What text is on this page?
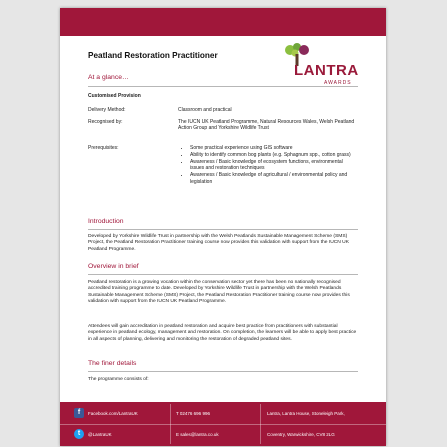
Peatland Restoration Practitioner
LANTRA
AWARDS
At a glance…
Customised Provision
Delivery Method:	Classroom and practical
Recognised by:	The IUCN UK Peatland Programme, Natural Resources Wales, Welsh Peatland Action Group and Yorkshire Wildlife Trust
Prerequisites:
•	Some practical experience using GIS software
• Ability to identify common bog plants (e.g. Sphagnum spp., cotton grass)
• Awareness / Basic knowledge of ecosystem functions, environmental issues and restoration techniques
• Awareness / Basic knowledge of agricultural / environmental policy and legislation
Introduction
Developed by Yorkshire Wildlife Trust in partnership with the Welsh Peatlands Sustainable Management Scheme (SMS) Project, the Peatland Restoration Practitioner training course now provides this validation with support from the IUCN UK Peatland Programme.
Overview in brief
Peatland restoration is a growing vocation within the conservation sector yet there has been no nationally recognised accredited training programme to date. Developed by Yorkshire Wildlife Trust in partnership with the Welsh Peatlands Sustainable Management Scheme (SMS) Project, the Peatland Restoration Practitioner training course now provides this validation with support from the IUCN UK Peatland Programme.
Attendees will gain accreditation in peatland restoration and acquire best practice from practitioners with substantial experience in peatland ecology, management and restoration. On completion, the learners will be able to apply best practice in all aspects of planning, delivering and monitoring the restoration of degraded peatland sites.
The finer details
The programme consists of:
f	Facebook.com/LantraUK	T 02476 696 996	Lantra, Lantra House, Stoneleigh Park,
t	@LantraUK	E sales@lantra.co.uk	Coventry, Warwickshire, CV8 2LG
